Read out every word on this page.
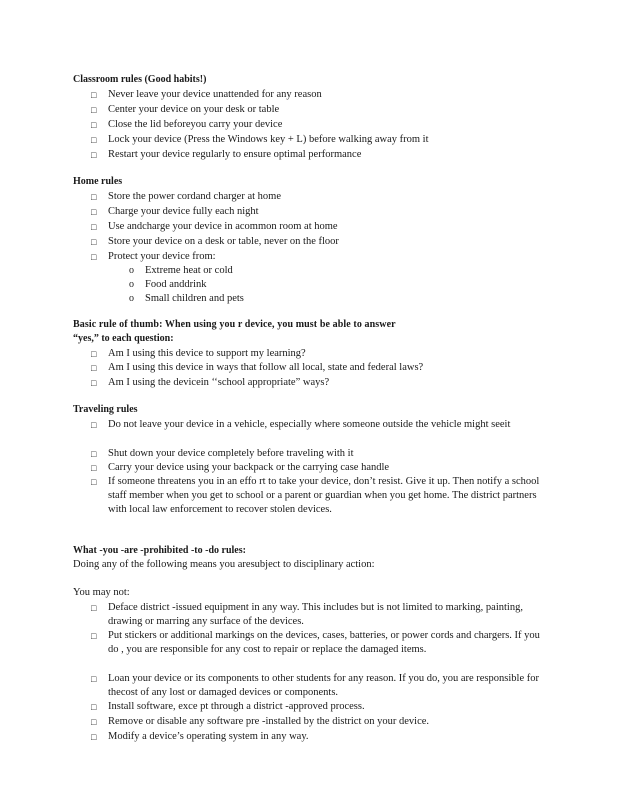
Classroom rules (Good habits!)
□ Never leave your device unattended for any reason
□ Center your device on your desk or table
□ Close the lid beforeyou carry your device
□ Lock your device (Press the Windows key + L) before walking away from it
□ Restart your device regularly to ensure optimal performance
Home rules
□ Store the power cordand charger at home
□ Charge your device fully each night
□ Use andcharge your device in acommon room at home
□ Store your device on a desk or table, never on the floor
□ Protect your device from:
o Extreme heat or cold
o Food anddrink
o Small children and pets
Basic rule of thumb: When using you r device, you must be able to answer
“yes,” to each question:
□ Am I using this device to support my learning?
□ Am I using this device in ways that follow all local, state and federal laws?
□ Am I using the devicein ‘‘school appropriate” ways?
Traveling rules
□ Do not leave your device in a vehicle, especially where someone outside the vehicle might seeit
□ Shut down your device completely before traveling with it
□ Carry your device using your backpack or the carrying case handle
□ If someone threatens you in an effo rt to take your device, don’t resist. Give it up. Then notify a school staff member when you get to school or a parent or guardian when you get home. The district partners with local law enforcement to recover stolen devices.
What -you -are -prohibited -to -do rules:
Doing any of the following means you aresubject to disciplinary action:
You may not:
□ Deface district -issued equipment in any way. This includes but is not limited to marking, painting, drawing or marring any surface of the devices.
□ Put stickers or additional markings on the devices, cases, batteries, or power cords and chargers. If you do , you are responsible for any cost to repair or replace the damaged items.
□ Loan your device or its components to other students for any reason. If you do, you are responsible for thecost of any lost or damaged devices or components.
□ Install software, exce pt through a district -approved process.
□ Remove or disable any software pre -installed by the district on your device.
□ Modify a device’s operating system in any way.
